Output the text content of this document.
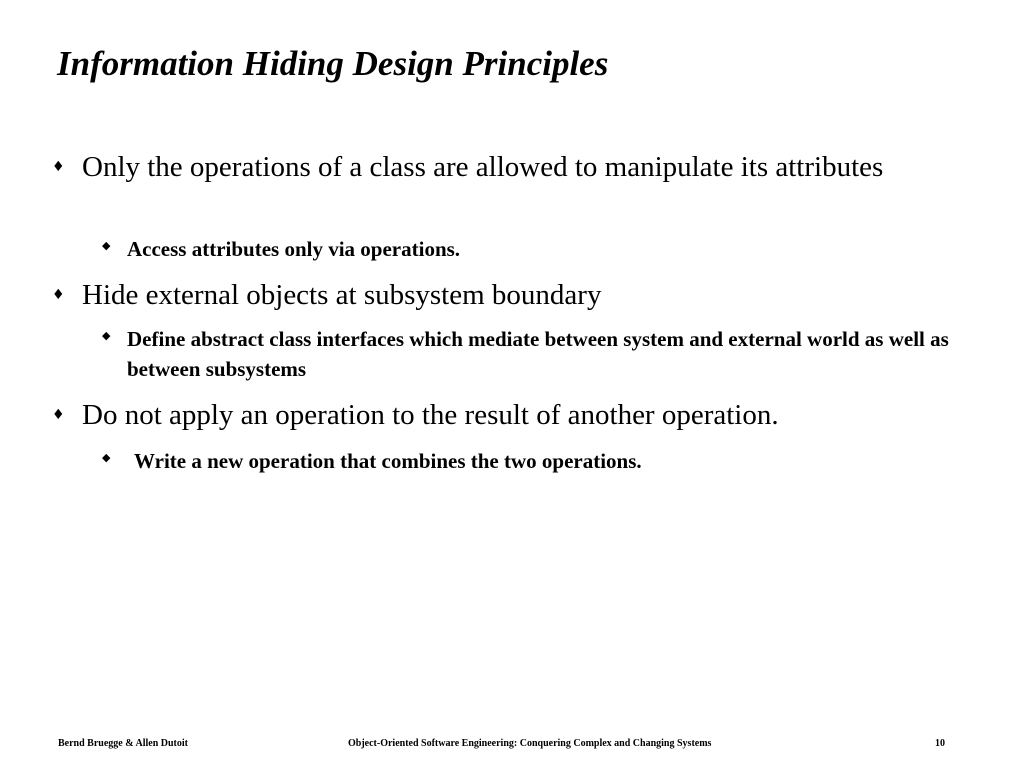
Information Hiding Design Principles
♦ Only the operations of a class are allowed to manipulate its attributes
◆ Access attributes only via operations.
♦ Hide external objects at subsystem boundary
◆ Define abstract class interfaces which mediate between system and external world as well as between subsystems
♦ Do not apply an operation to the result of another operation.
◆ Write a new operation that combines the two operations.
Bernd Bruegge & Allen Dutoit	Object-Oriented Software Engineering: Conquering Complex and Changing Systems	10
